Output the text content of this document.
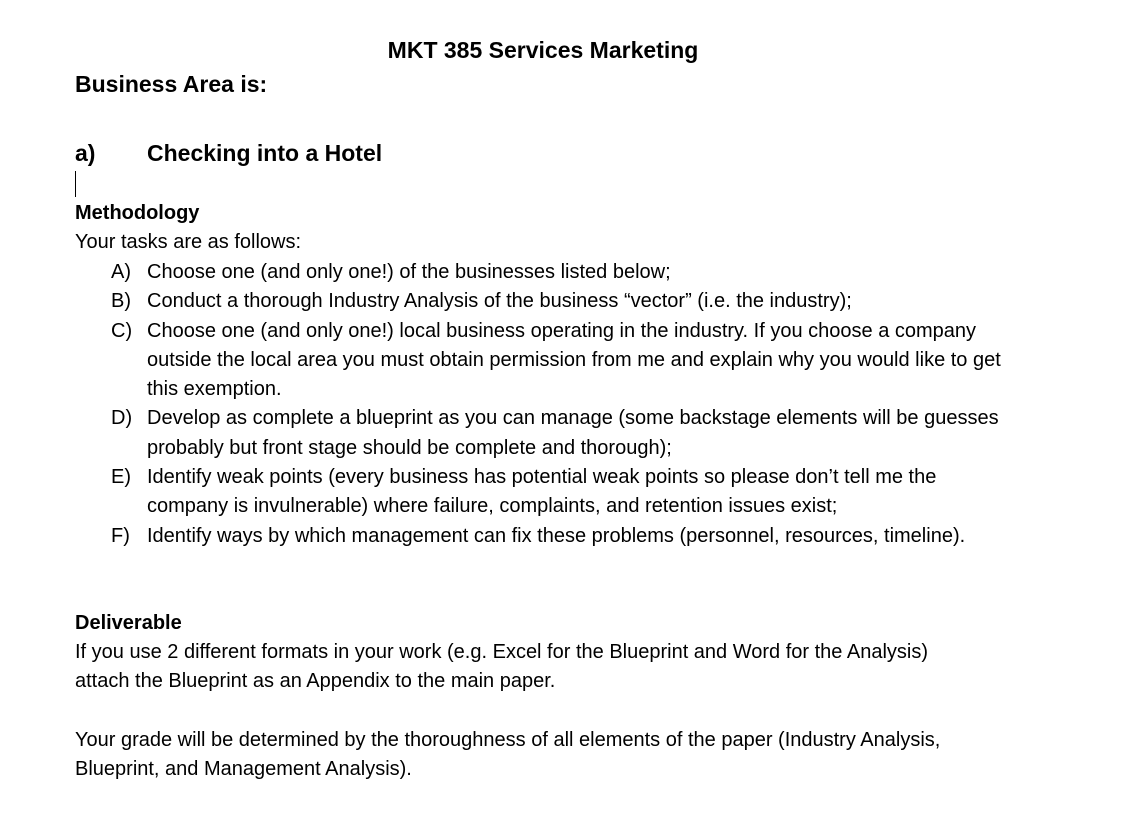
MKT 385 Services Marketing
Business Area is:
a) Checking into a Hotel
Methodology
Your tasks are as follows:
A) Choose one (and only one!) of the businesses listed below;
B) Conduct a thorough Industry Analysis of the business “vector” (i.e. the industry);
C) Choose one (and only one!) local business operating in the industry. If you choose a company outside the local area you must obtain permission from me and explain why you would like to get this exemption.
D) Develop as complete a blueprint as you can manage (some backstage elements will be guesses probably but front stage should be complete and thorough);
E) Identify weak points (every business has potential weak points so please don’t tell me the company is invulnerable) where failure, complaints, and retention issues exist;
F) Identify ways by which management can fix these problems (personnel, resources, timeline).
Deliverable
If you use 2 different formats in your work (e.g. Excel for the Blueprint and Word for the Analysis) attach the Blueprint as an Appendix to the main paper.
Your grade will be determined by the thoroughness of all elements of the paper (Industry Analysis, Blueprint, and Management Analysis).
